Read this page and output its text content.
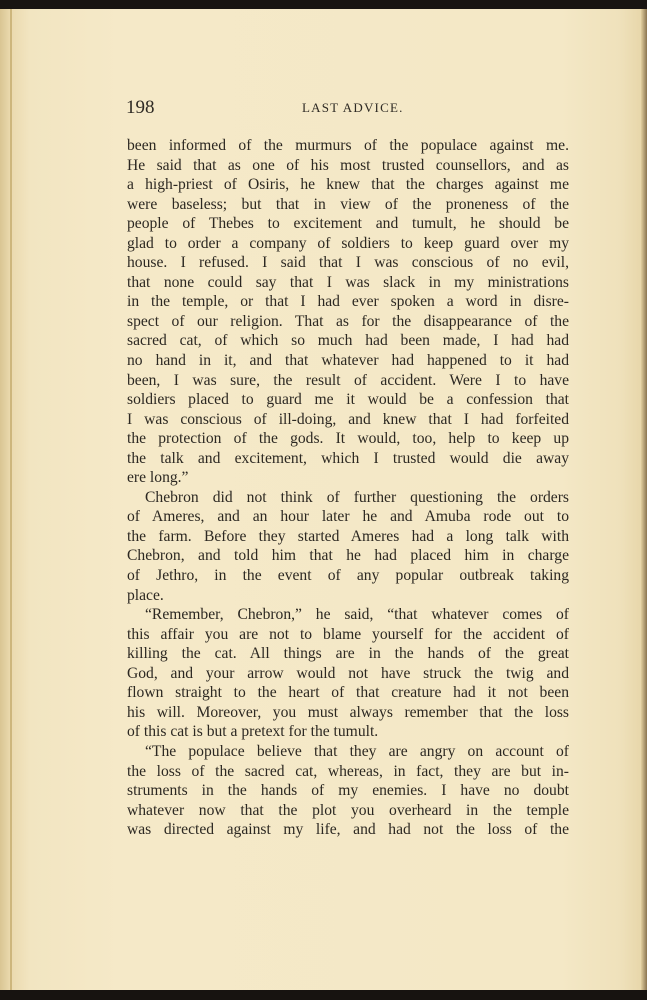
198	LAST ADVICE.
been informed of the murmurs of the populace against me.
He said that as one of his most trusted counsellors, and as
a high-priest of Osiris, he knew that the charges against me
were baseless; but that in view of the proneness of the
people of Thebes to excitement and tumult, he should be
glad to order a company of soldiers to keep guard over my
house. I refused. I said that I was conscious of no evil,
that none could say that I was slack in my ministrations
in the temple, or that I had ever spoken a word in disre-
spect of our religion. That as for the disappearance of the
sacred cat, of which so much had been made, I had had
no hand in it, and that whatever had happened to it had
been, I was sure, the result of accident. Were I to have
soldiers placed to guard me it would be a confession that
I was conscious of ill-doing, and knew that I had forfeited
the protection of the gods. It would, too, help to keep up
the talk and excitement, which I trusted would die away
ere long.”
Chebron did not think of further questioning the orders
of Ameres, and an hour later he and Amuba rode out to
the farm. Before they started Ameres had a long talk with
Chebron, and told him that he had placed him in charge
of Jethro, in the event of any popular outbreak taking
place.
“Remember, Chebron,” he said, “that whatever comes of
this affair you are not to blame yourself for the accident of
killing the cat. All things are in the hands of the great
God, and your arrow would not have struck the twig and
flown straight to the heart of that creature had it not been
his will. Moreover, you must always remember that the loss
of this cat is but a pretext for the tumult.
“The populace believe that they are angry on account of
the loss of the sacred cat, whereas, in fact, they are but in-
struments in the hands of my enemies. I have no doubt
whatever now that the plot you overheard in the temple
was directed against my life, and had not the loss of the
